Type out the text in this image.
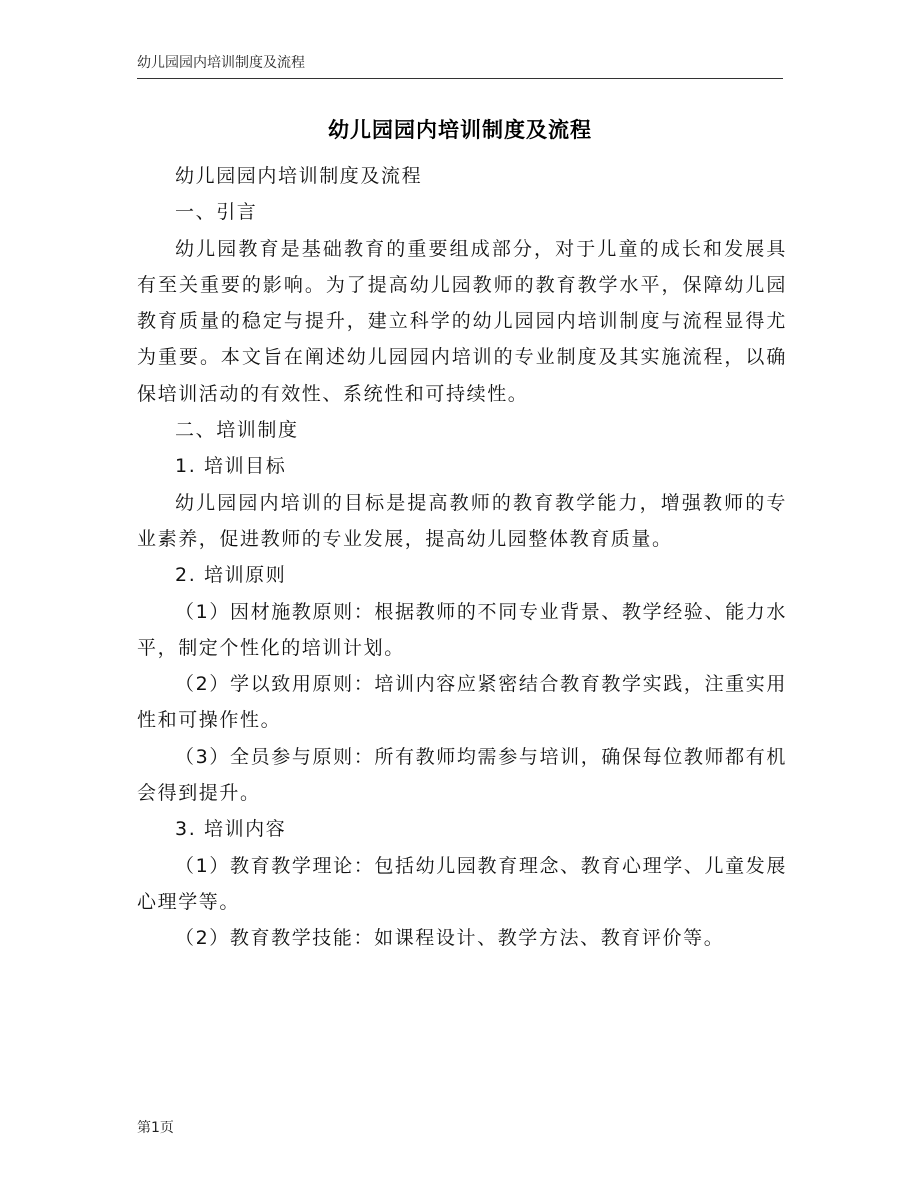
幼儿园园内培训制度及流程
幼儿园园内培训制度及流程

幼儿园园内培训制度及流程

一、引言

幼儿园教育是基础教育的重要组成部分，对于儿童的成长和发展具有至关重要的影响。为了提高幼儿园教师的教育教学水平，保障幼儿园教育质量的稳定与提升，建立科学的幼儿园园内培训制度与流程显得尤为重要。本文旨在阐述幼儿园园内培训的专业制度及其实施流程，以确保培训活动的有效性、系统性和可持续性。

二、培训制度

1. 培训目标

幼儿园园内培训的目标是提高教师的教育教学能力，增强教师的专业素养，促进教师的专业发展，提高幼儿园整体教育质量。

2. 培训原则

（1）因材施教原则：根据教师的不同专业背景、教学经验、能力水平，制定个性化的培训计划。

（2）学以致用原则：培训内容应紧密结合教育教学实践，注重实用性和可操作性。

（3）全员参与原则：所有教师均需参与培训，确保每位教师都有机会得到提升。

3. 培训内容

（1）教育教学理论：包括幼儿园教育理念、教育心理学、儿童发展心理学等。

（2）教育教学技能：如课程设计、教学方法、教育评价等。

第1页
